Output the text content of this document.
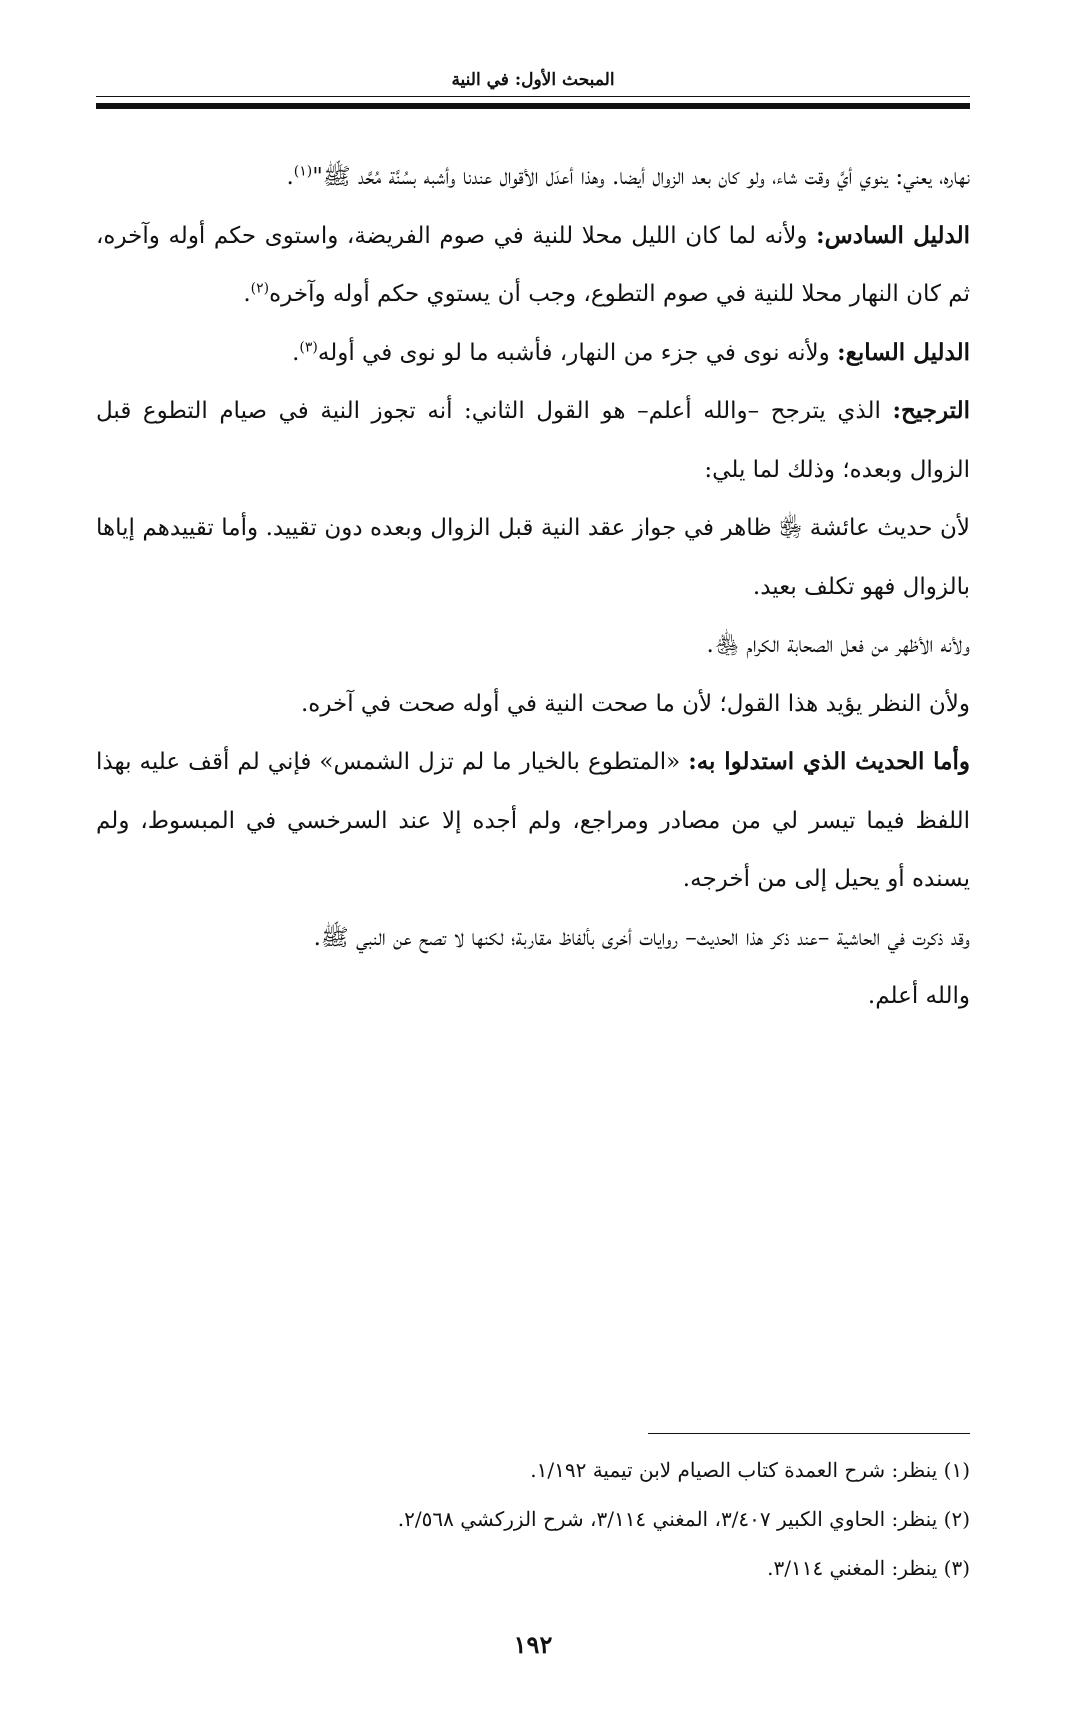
المبحث الأول: في النية

نهاره، يعني: ينوي أيَّ وقت شاء، ولو كان بعد الزوال أيضا. وهذا أعدَل الأقوال عندنا وأشبه بسُنَّة مُحَّد ﷺ"$^{(١)}$.

الدليل السادس: ولأنه لما كان الليل محلا للنية في صوم الفريضة، واستوى حكم أوله وآخره، ثم كان النهار محلا للنية في صوم التطوع، وجب أن يستوي حكم أوله وآخره$^{(٢)}$.

الدليل السابع: ولأنه نوى في جزء من النهار، فأشبه ما لو نوى في أوله$^{(٣)}$.

الترجيح: الذي يترجح –والله أعلم– هو القول الثاني: أنه تجوز النية في صيام التطوع قبل الزوال وبعده؛ وذلك لما يلي:

لأن حديث عائشة ﵂ ظاهر في جواز عقد النية قبل الزوال وبعده دون تقييد. وأما تقييدهم إياها بالزوال فهو تكلف بعيد.

ولأنه الأظهر من فعل الصحابة الكرام ﵃.

ولأن النظر يؤيد هذا القول؛ لأن ما صحت النية في أوله صحت في آخره.

وأما الحديث الذي استدلوا به: «المتطوع بالخيار ما لم تزل الشمس» فإني لم أقف عليه بهذا اللفظ فيما تيسر لي من مصادر ومراجع، ولم أجده إلا عند السرخسي في المبسوط، ولم يسنده أو يحيل إلى من أخرجه.

وقد ذكرت في الحاشية –عند ذكر هذا الحديث– روايات أخرى بألفاظ مقاربة؛ لكنها لا تصح عن النبي ﷺ.

والله أعلم.

(١) ينظر: شرح العمدة كتاب الصيام لابن تيمية ١/١٩٢.

(٢) ينظر: الحاوي الكبير ٣/٤٠٧، المغني ٣/١١٤، شرح الزركشي ٢/٥٦٨.

(٣) ينظر: المغني ٣/١١٤.

١٩٢
